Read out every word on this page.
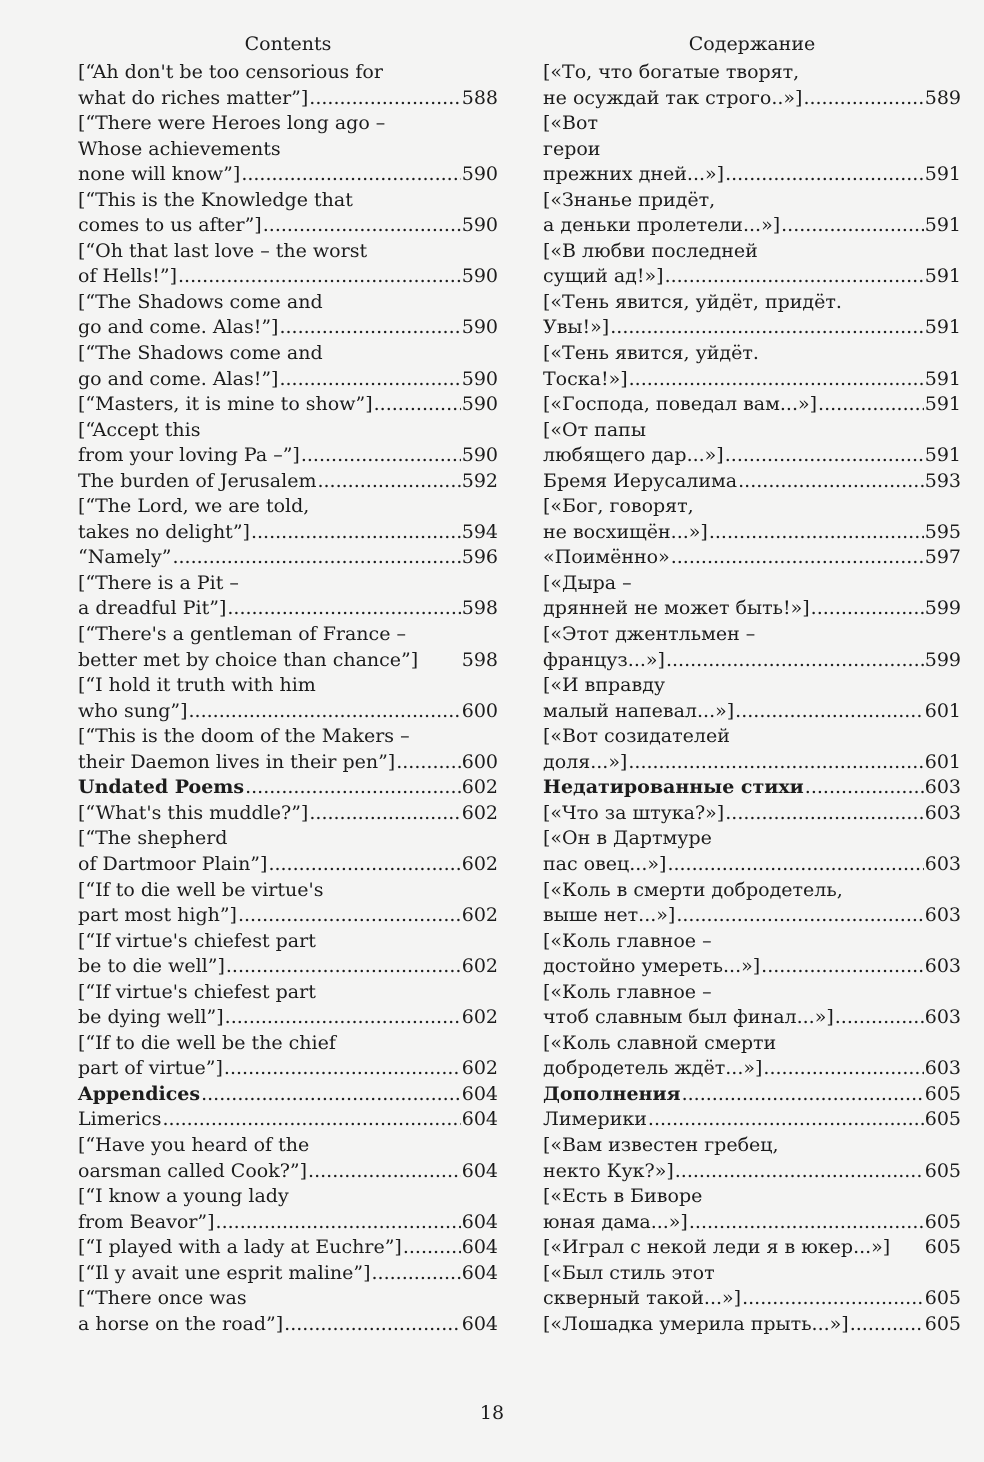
Contents
[“Ah don't be too censorious for
what do riches matter”] .....	588
[“There were Heroes long ago –
Whose achievements
none will know”] .....	590
[“This is the Knowledge that
comes to us after”] .....	590
[“Oh that last love – the worst
of Hells!”] .....	590
[“The Shadows come and
go and come. Alas!”] .....	590
[“The Shadows come and
go and come. Alas!”] .....	590
[“Masters, it is mine to show”] .....	590
[“Accept this
from your loving Pa –”] .....	590
The burden of Jerusalem .....	592
[“The Lord, we are told,
takes no delight”] .....	594
“Namely” .....	596
[“There is a Pit –
a dreadful Pit”] .....	598
[“There's a gentleman of France –
better met by choice than chance”] 598
[“I hold it truth with him
who sung”] .....	600
[“This is the doom of the Makers –
their Daemon lives in their pen”] .....	600
Undated Poems .....	602
[“What's this muddle?”] .....	602
[“The shepherd
of Dartmoor Plain”] .....	602
[“If to die well be virtue's
part most high”] .....	602
[“If virtue's chiefest part
be to die well”] .....	602
[“If virtue's chiefest part
be dying well”] .....	602
[“If to die well be the chief
part of virtue”] .....	602
Appendices .....	604
Limerics .....	604
[“Have you heard of the
oarsman called Cook?”] .....	604
[“I know a young lady
from Beavor”] .....	604
[“I played with a lady at Euchre”] .....	604
[“Il y avait une esprit maline”] .....	604
[“There once was
a horse on the road”] .....	604
Содержание
[«То, что богатые творят,
не осуждай так строго..»] .....	589
[«Вот
герои
прежних дней...»] .....	591
[«Знанье придёт,
а деньки пролетели...»] .....	591
[«В любви последней
сущий ад!»] .....	591
[«Тень явится, уйдёт, придёт.
Увы!»] .....	591
[«Тень явится, уйдёт.
Тоска!»] .....	591
[«Господа, поведал вам...»] .....	591
[«От папы
любящего дар...»] .....	591
Бремя Иерусалима .....	593
[«Бог, говорят,
не восхищён...»] .....	595
«Поимённо» .....	597
[«Дыра –
дрянней не может быть!»] .....	599
[«Этот джентльмен –
француз...»] .....	599
[«И вправду
малый напевал...»] .....	601
[«Вот созидателей
доля...»] .....	601
Недатированные стихи .....	603
[«Что за штука?»] .....	603
[«Он в Дартмуре
пас овец...»] .....	603
[«Коль в смерти добродетель,
выше нет...»] .....	603
[«Коль главное –
достойно умереть...»] .....	603
[«Коль главное –
чтоб славным был финал...»] .....	603
[«Коль славной смерти
добродетель ждёт...»] .....	603
Дополнения .....	605
Лимерики .....	605
[«Вам известен гребец,
некто Кук?»] .....	605
[«Есть в Биворе
юная дама...»] .....	605
[«Играл с некой леди я в юкер...»] 605
[«Был стиль этот
скверный такой...»] .....	605
[«Лошадка умерила прыть...»] .....	605
18
